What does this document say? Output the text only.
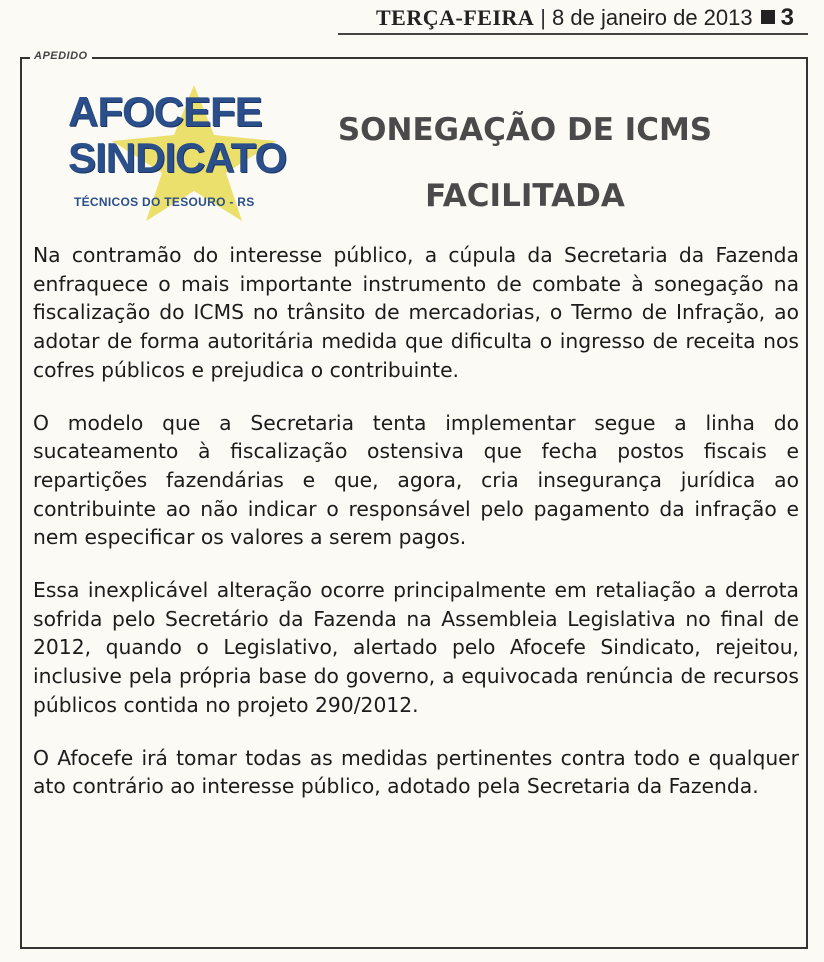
TERÇA-FEIRA | 8 de janeiro de 2013 3
APEDIDO
AFOCEFE
SINDICATO
TÉCNICOS DO TESOURO - RS
SONEGAÇÃO DE ICMS
FACILITADA

Na contramão do interesse público, a cúpula da Secretaria da Fazenda enfraquece o mais importante instrumento de combate à sonegação na fiscalização do ICMS no trânsito de mercadorias, o Termo de Infração, ao adotar de forma autoritária medida que dificulta o ingresso de receita nos cofres públicos e prejudica o contribuinte.

O modelo que a Secretaria tenta implementar segue a linha do sucateamento à fiscalização ostensiva que fecha postos fiscais e repartições fazendárias e que, agora, cria insegurança jurídica ao contribuinte ao não indicar o responsável pelo pagamento da infração e nem especificar os valores a serem pagos.

Essa inexplicável alteração ocorre principalmente em retaliação a derrota sofrida pelo Secretário da Fazenda na Assembleia Legislativa no final de 2012, quando o Legislativo, alertado pelo Afocefe Sindicato, rejeitou, inclusive pela própria base do governo, a equivocada renúncia de recursos públicos contida no projeto 290/2012.

O Afocefe irá tomar todas as medidas pertinentes contra todo e qualquer ato contrário ao interesse público, adotado pela Secretaria da Fazenda.
